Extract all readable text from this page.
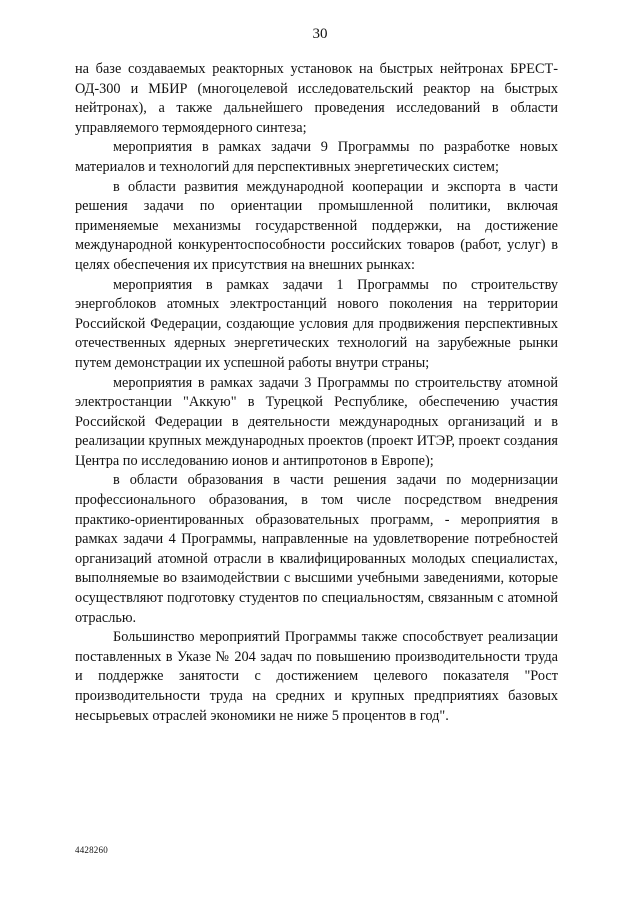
30

на базе создаваемых реакторных установок на быстрых нейтронах БРЕСТ-ОД-300 и МБИР (многоцелевой исследовательский реактор на быстрых нейтронах), а также дальнейшего проведения исследований в области управляемого термоядерного синтеза;

мероприятия в рамках задачи 9 Программы по разработке новых материалов и технологий для перспективных энергетических систем;

в области развития международной кооперации и экспорта в части решения задачи по ориентации промышленной политики, включая применяемые механизмы государственной поддержки, на достижение международной конкурентоспособности российских товаров (работ, услуг) в целях обеспечения их присутствия на внешних рынках:

мероприятия в рамках задачи 1 Программы по строительству энергоблоков атомных электростанций нового поколения на территории Российской Федерации, создающие условия для продвижения перспективных отечественных ядерных энергетических технологий на зарубежные рынки путем демонстрации их успешной работы внутри страны;

мероприятия в рамках задачи 3 Программы по строительству атомной электростанции "Аккую" в Турецкой Республике, обеспечению участия Российской Федерации в деятельности международных организаций и в реализации крупных международных проектов (проект ИТЭР, проект создания Центра по исследованию ионов и антипротонов в Европе);

в области образования в части решения задачи по модернизации профессионального образования, в том числе посредством внедрения практико-ориентированных образовательных программ, - мероприятия в рамках задачи 4 Программы, направленные на удовлетворение потребностей организаций атомной отрасли в квалифицированных молодых специалистах, выполняемые во взаимодействии с высшими учебными заведениями, которые осуществляют подготовку студентов по специальностям, связанным с атомной отраслью.

Большинство мероприятий Программы также способствует реализации поставленных в Указе № 204 задач по повышению производительности труда и поддержке занятости с достижением целевого показателя "Рост производительности труда на средних и крупных предприятиях базовых несырьевых отраслей экономики не ниже 5 процентов в год".

4428260
